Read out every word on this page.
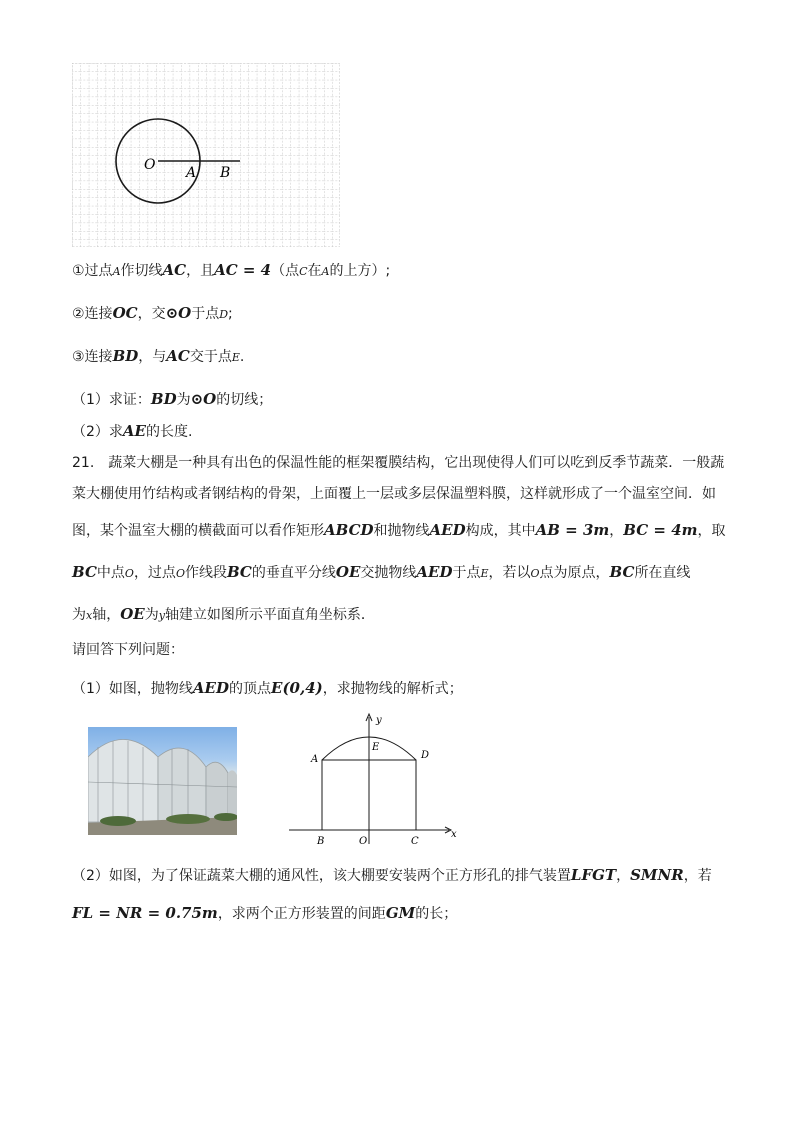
O A B
①过点A作切线AC，且AC = 4（点C在A的上方）;
②连接OC，交⊙O于点D;
③连接BD，与AC交于点E.
（1）求证：BD为⊙O的切线；
（2）求AE的长度.
21.　蔬菜大棚是一种具有出色的保温性能的框架覆膜结构，它出现使得人们可以吃到反季节蔬菜．一般蔬
菜大棚使用竹结构或者钢结构的骨架，上面覆上一层或多层保温塑料膜，这样就形成了一个温室空间．如
图，某个温室大棚的横截面可以看作矩形ABCD和抛物线AED构成，其中AB = 3m，BC = 4m，取
BC中点O，过点O作线段BC的垂直平分线OE交抛物线AED于点E，若以O点为原点，BC所在直线
为x轴，OE为y轴建立如图所示平面直角坐标系．
请回答下列问题：
（1）如图，抛物线AED的顶点E(0,4)，求抛物线的解析式；
y
x
A
E
D
B	O	C
（2）如图，为了保证蔬菜大棚的通风性，该大棚要安装两个正方形孔的排气装置LFGT，SMNR，若
FL = NR = 0.75m，求两个正方形装置的间距GM的长；
